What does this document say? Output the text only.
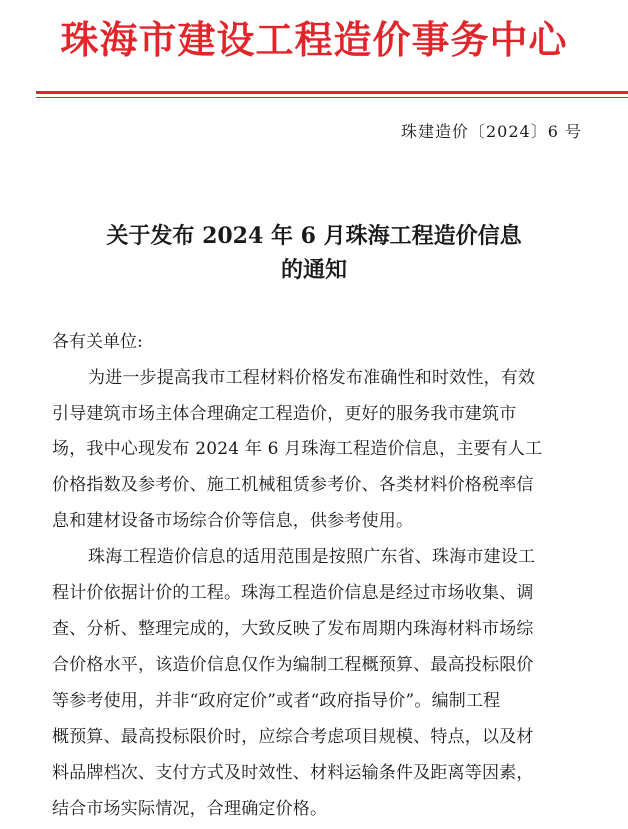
珠海市建设工程造价事务中心
珠建造价〔2024〕6 号
关于发布 2024 年 6 月珠海工程造价信息
的通知
各有关单位:
为进一步提高我市工程材料价格发布准确性和时效性，有效
引导建筑市场主体合理确定工程造价，更好的服务我市建筑市
场，我中心现发布 2024 年 6 月珠海工程造价信息，主要有人工
价格指数及参考价、施工机械租赁参考价、各类材料价格税率信
息和建材设备市场综合价等信息，供参考使用。
珠海工程造价信息的适用范围是按照广东省、珠海市建设工
程计价依据计价的工程。珠海工程造价信息是经过市场收集、调
查、分析、整理完成的，大致反映了发布周期内珠海材料市场综
合价格水平，该造价信息仅作为编制工程概预算、最高投标限价
等参考使用，并非“政府定价”或者“政府指导价”。编制工程
概预算、最高投标限价时，应综合考虑项目规模、特点，以及材
料品牌档次、支付方式及时效性、材料运输条件及距离等因素，
结合市场实际情况，合理确定价格。
